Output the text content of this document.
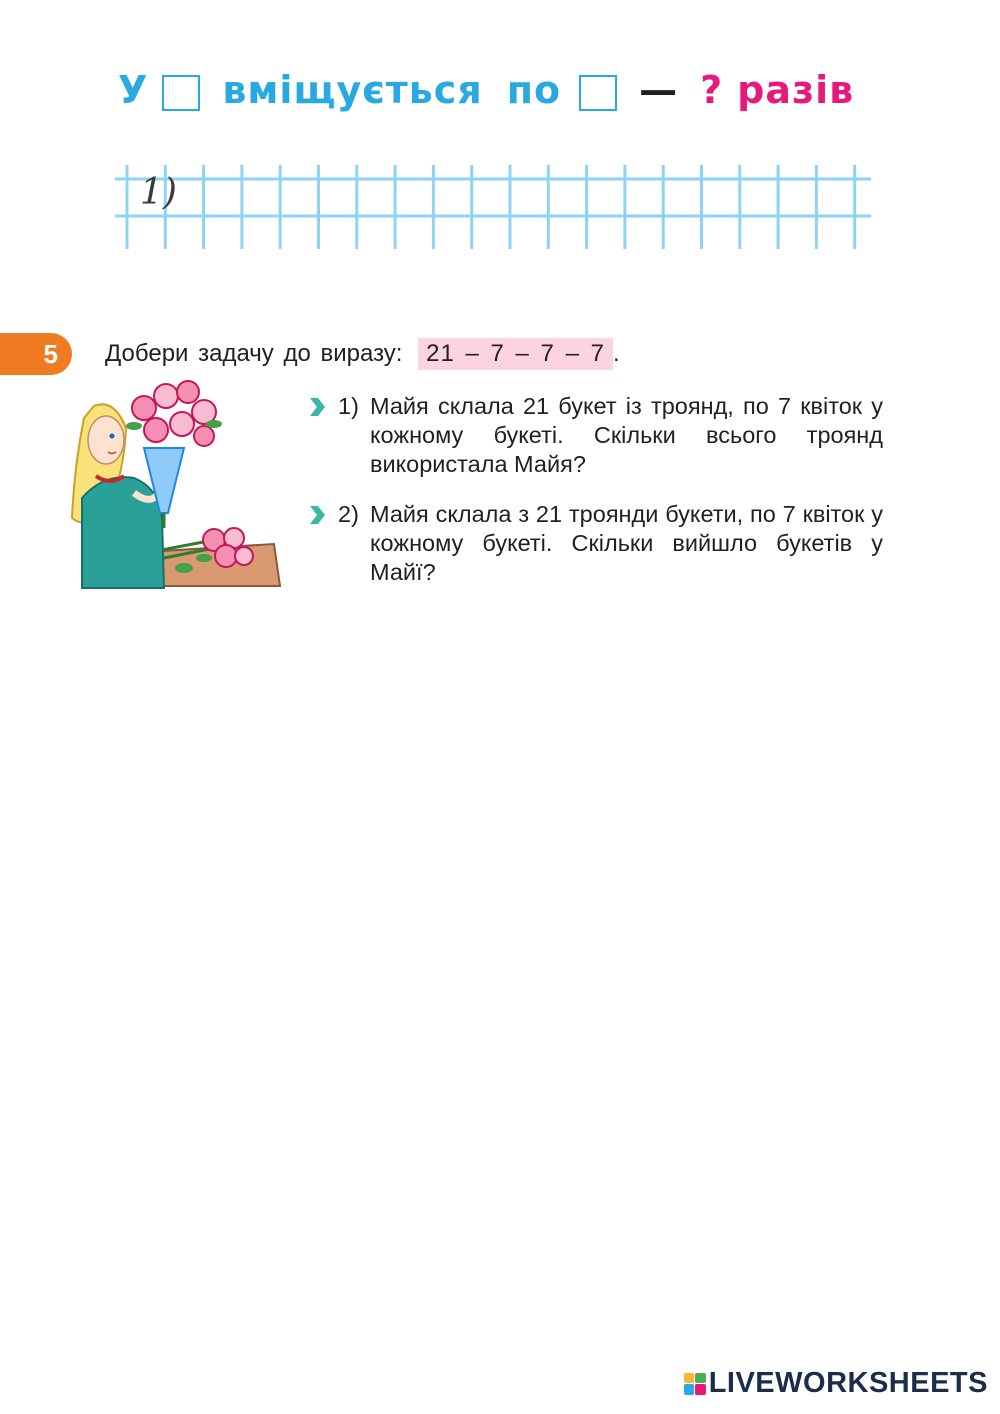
У вміщується по — ? разів
1)
5	Добери задачу до виразу: 21 – 7 – 7 – 7 .
1) Майя склала 21 букет із троянд, по 7 квіток у кожному букеті. Скільки всього троянд використала Майя?
2) Майя склала з 21 троянди букети, по 7 квіток у кожному букеті. Скільки вийшло букетів у Майї?
LIVEWORKSHEETS
